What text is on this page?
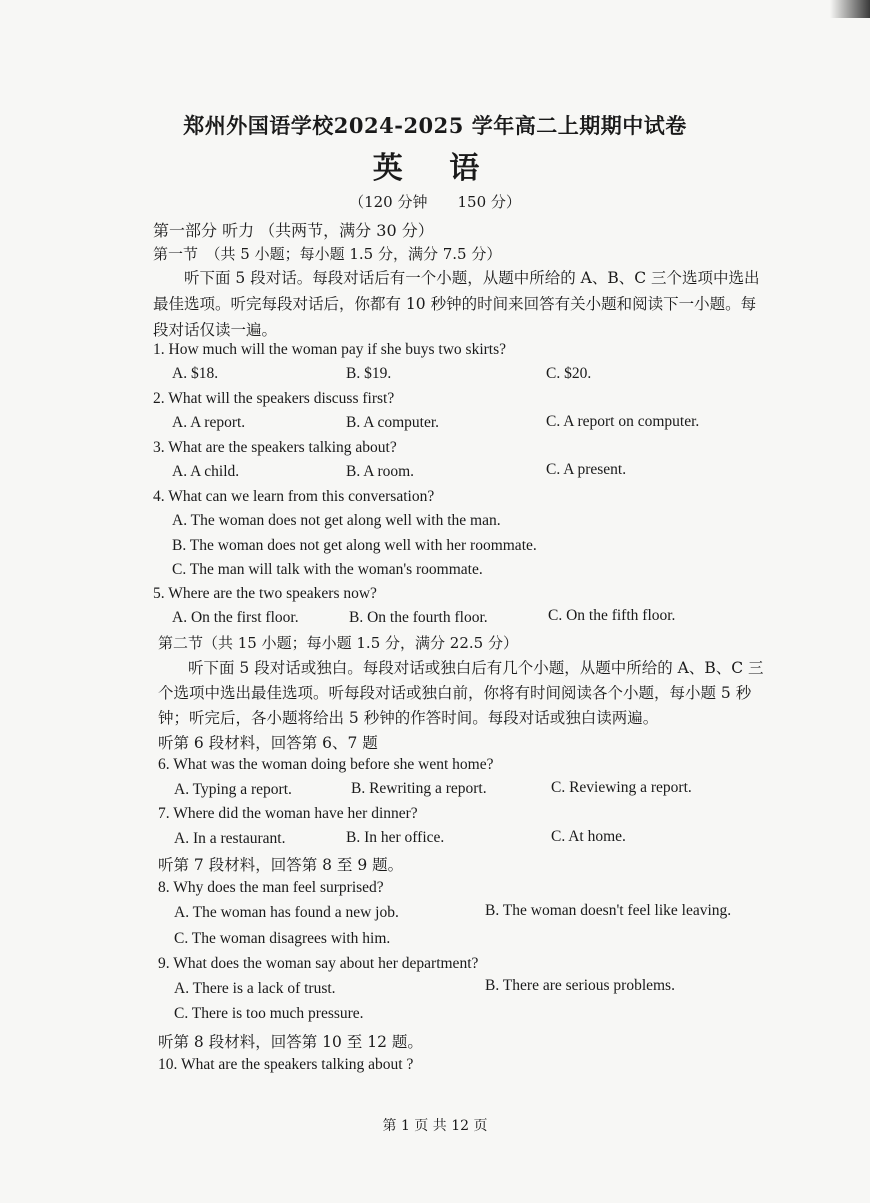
郑州外国语学校2024-2025 学年高二上期期中试卷
英 语
（120 分钟　　150 分）
第一部分 听力 （共两节，满分 30 分）
第一节　（共 5 小题；每小题 1.5 分，满分 7.5 分）
听下面 5 段对话。每段对话后有一个小题，从题中所给的 A、B、C 三个选项中选出
最佳选项。听完每段对话后，你都有 10 秒钟的时间来回答有关小题和阅读下一小题。每
段对话仅读一遍。
1. How much will the woman pay if she buys two skirts?
A. $18.	B. $19.	C. $20.
2. What will the speakers discuss first?
A. A report.	B. A computer.	C. A report on computer.
3. What are the speakers talking about?
A. A child.	B. A room.	C. A present.
4. What can we learn from this conversation?
A. The woman does not get along well with the man.
B. The woman does not get along well with her roommate.
C. The man will talk with the woman's roommate.
5. Where are the two speakers now?
A. On the first floor.	B. On the fourth floor.	C. On the fifth floor.
第二节（共 15 小题；每小题 1.5 分，满分 22.5 分）
听下面 5 段对话或独白。每段对话或独白后有几个小题，从题中所给的 A、B、C 三
个选项中选出最佳选项。听每段对话或独白前，你将有时间阅读各个小题，每小题 5 秒
钟；听完后，各小题将给出 5 秒钟的作答时间。每段对话或独白读两遍。
听第 6 段材料，回答第 6、7 题
6. What was the woman doing before she went home?
A. Typing a report.	B. Rewriting a report.	C. Reviewing a report.
7. Where did the woman have her dinner?
A. In a restaurant.	B. In her office.	C. At home.
听第 7 段材料，回答第 8 至 9 题。
8. Why does the man feel surprised?
A. The woman has found a new job.	B. The woman doesn't feel like leaving.
C. The woman disagrees with him.
9. What does the woman say about her department?
A. There is a lack of trust.	B. There are serious problems.
C. There is too much pressure.
听第 8 段材料，回答第 10 至 12 题。
10. What are the speakers talking about ?
第 1 页 共 12 页
